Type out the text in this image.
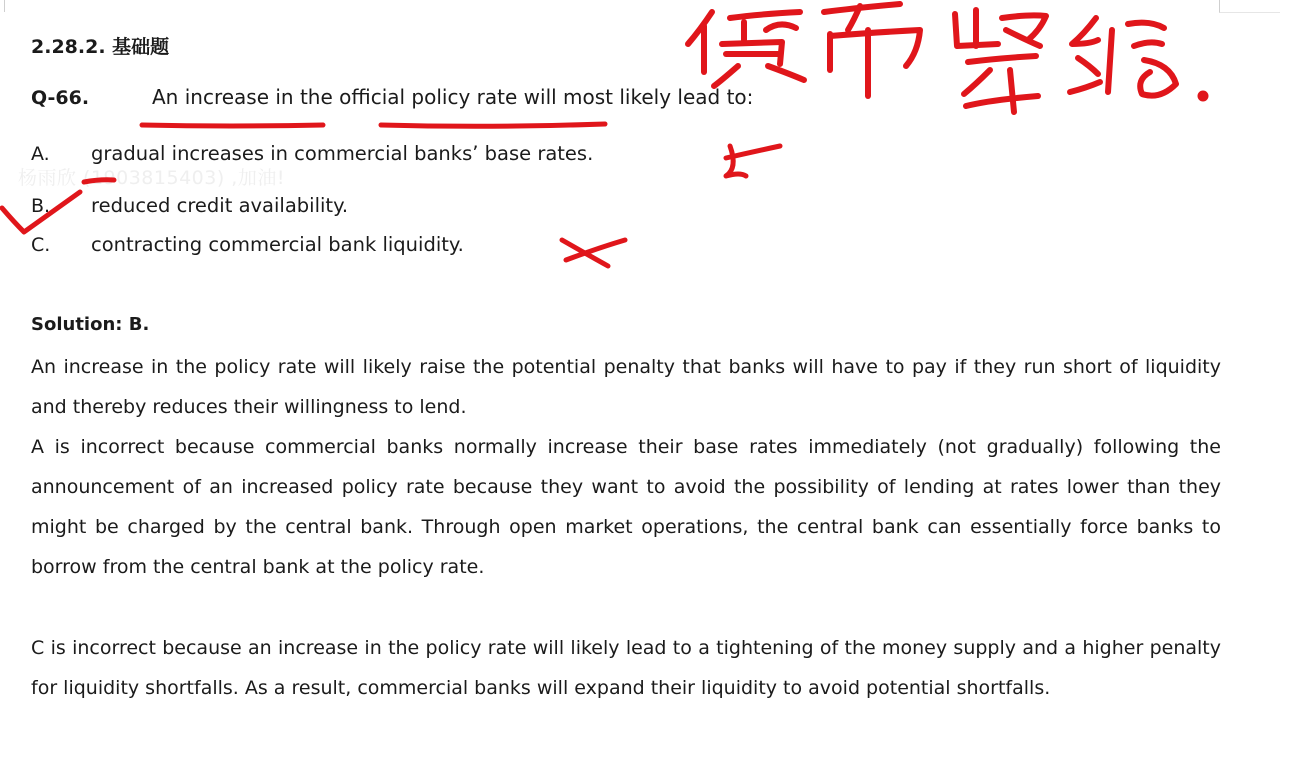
2.28.2. 基础题
Q-66.	An increase in the official policy rate will most likely lead to:
杨雨欣 (1903815403) ,加油!
A. gradual increases in commercial banks’ base rates.
B. reduced credit availability.
C. contracting commercial bank liquidity.
Solution: B.

An increase in the policy rate will likely raise the potential penalty that banks will have to pay if they run short of liquidity and thereby reduces their willingness to lend.

A is incorrect because commercial banks normally increase their base rates immediately (not gradually) following the announcement of an increased policy rate because they want to avoid the possibility of lending at rates lower than they might be charged by the central bank. Through open market operations, the central bank can essentially force banks to borrow from the central bank at the policy rate.

C is incorrect because an increase in the policy rate will likely lead to a tightening of the money supply and a higher penalty for liquidity shortfalls. As a result, commercial banks will expand their liquidity to avoid potential shortfalls.
